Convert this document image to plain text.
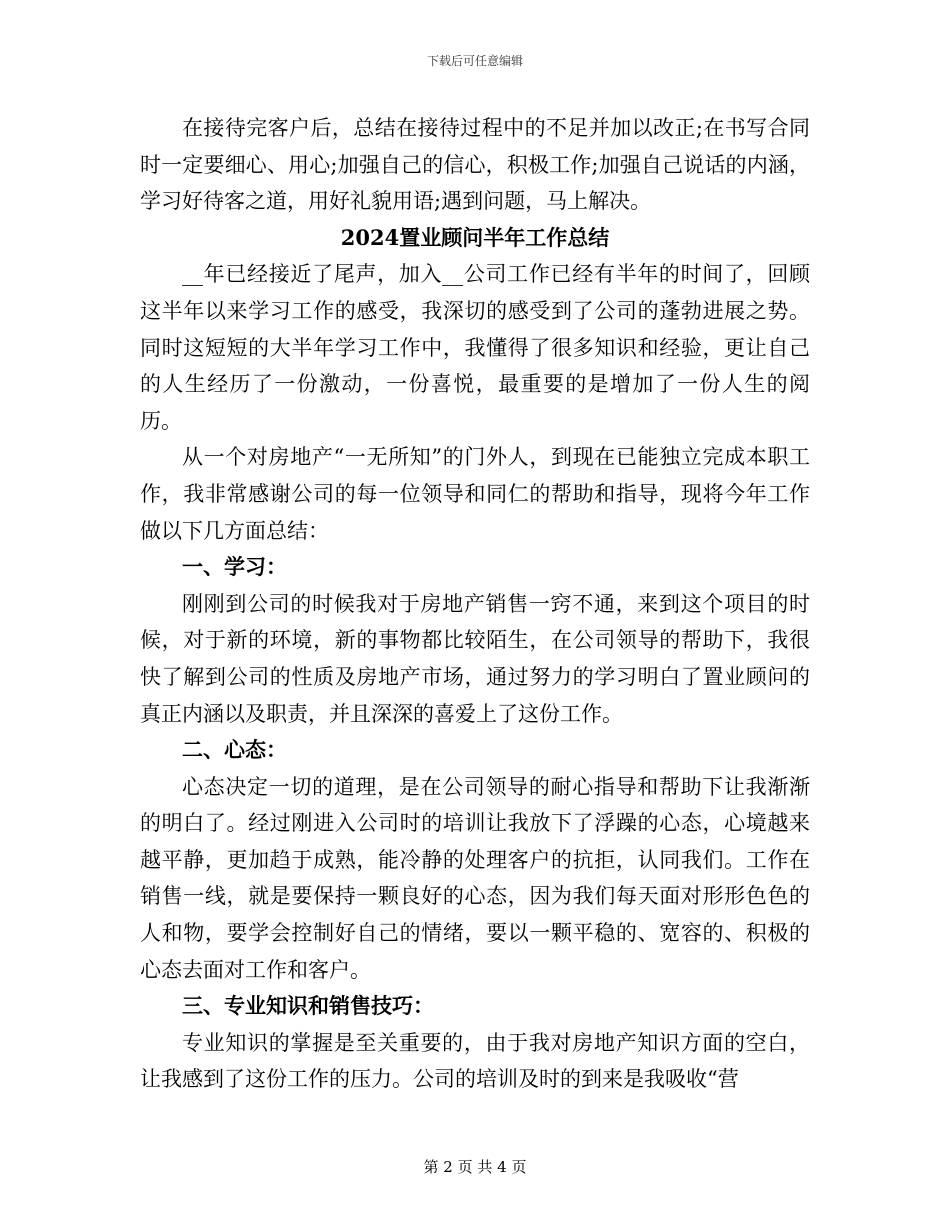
下载后可任意编辑

在接待完客户后，总结在接待过程中的不足并加以改正;在书写合同时一定要细心、用心;加强自己的信心，积极工作;加强自己说话的内涵，学习好待客之道，用好礼貌用语;遇到问题，马上解决。

2024置业顾问半年工作总结

__年已经接近了尾声，加入__公司工作已经有半年的时间了，回顾这半年以来学习工作的感受，我深切的感受到了公司的蓬勃进展之势。同时这短短的大半年学习工作中，我懂得了很多知识和经验，更让自己的人生经历了一份激动，一份喜悦，最重要的是增加了一份人生的阅历。

从一个对房地产“一无所知”的门外人，到现在已能独立完成本职工作，我非常感谢公司的每一位领导和同仁的帮助和指导，现将今年工作做以下几方面总结：

一、学习：

刚刚到公司的时候我对于房地产销售一窍不通，来到这个项目的时候，对于新的环境，新的事物都比较陌生，在公司领导的帮助下，我很快了解到公司的性质及房地产市场，通过努力的学习明白了置业顾问的真正内涵以及职责，并且深深的喜爱上了这份工作。

二、心态：

心态决定一切的道理，是在公司领导的耐心指导和帮助下让我渐渐的明白了。经过刚进入公司时的培训让我放下了浮躁的心态，心境越来越平静，更加趋于成熟，能冷静的处理客户的抗拒，认同我们。工作在销售一线，就是要保持一颗良好的心态，因为我们每天面对形形色色的人和物，要学会控制好自己的情绪，要以一颗平稳的、宽容的、积极的心态去面对工作和客户。

三、专业知识和销售技巧：

专业知识的掌握是至关重要的，由于我对房地产知识方面的空白，让我感到了这份工作的压力。公司的培训及时的到来是我吸收“营

第 2 页 共 4 页
